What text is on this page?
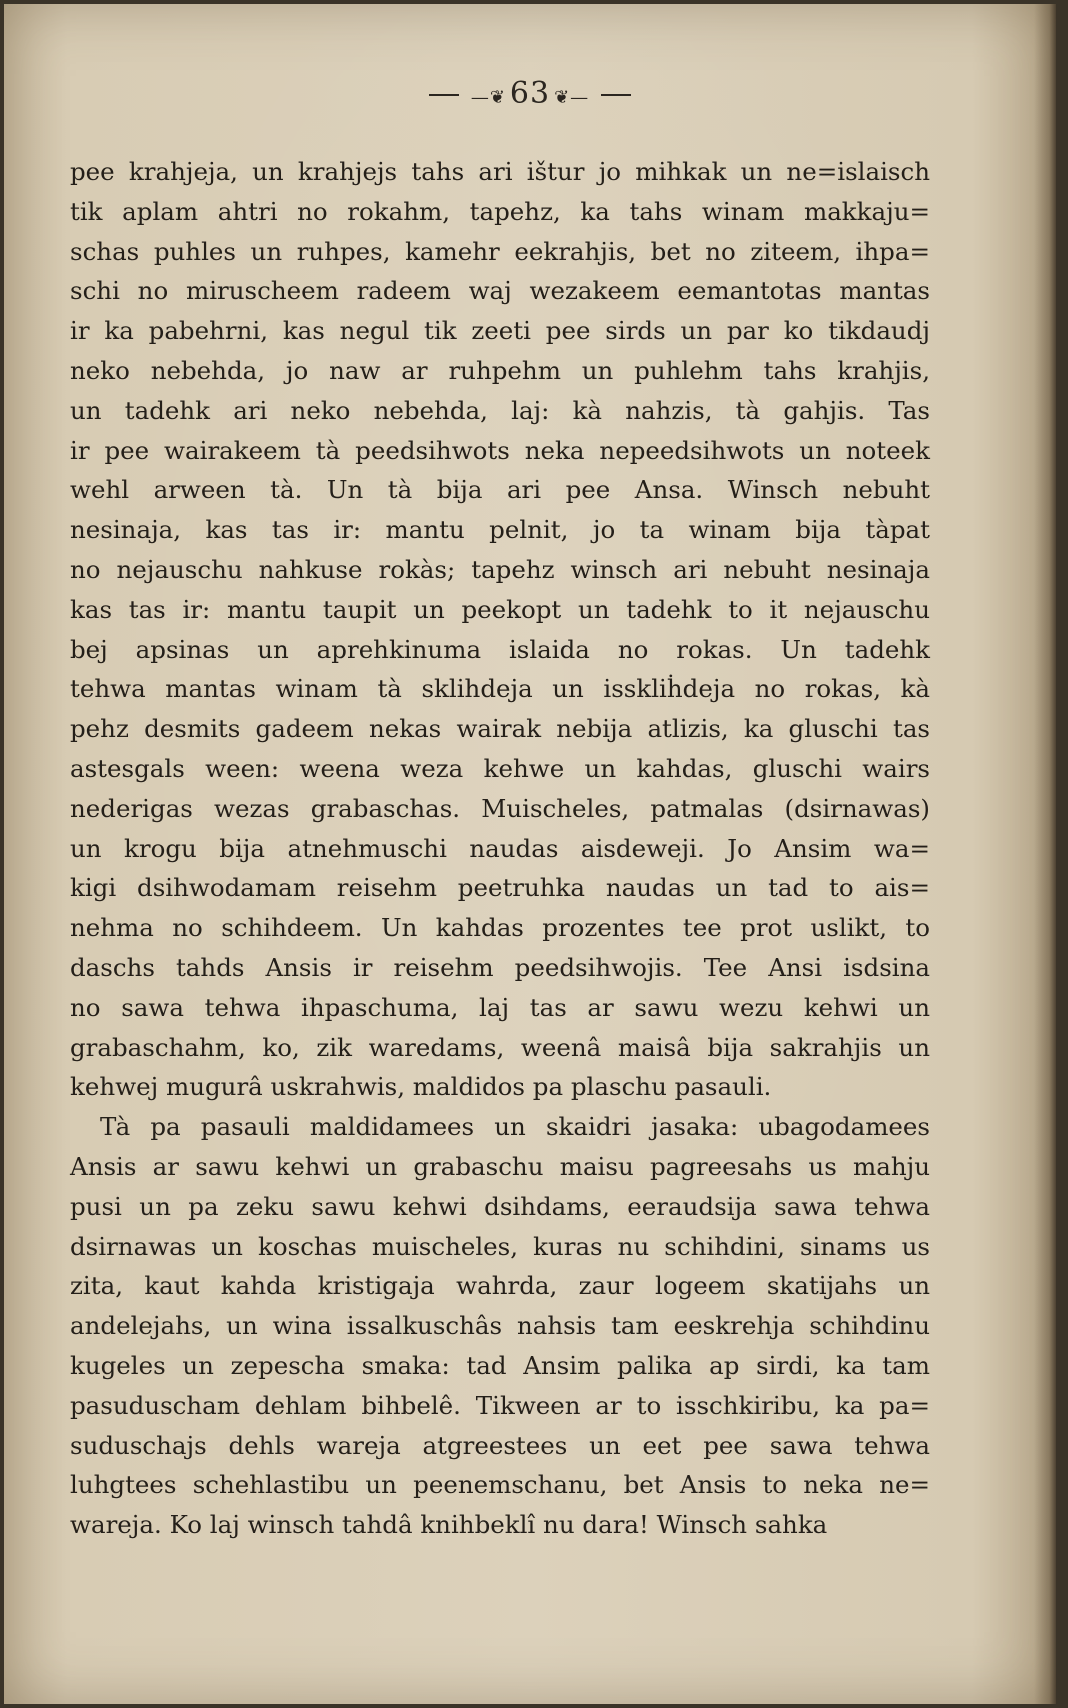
—❦ 63 ❦—
pee krahjeja, un krahjejs tahs ari ištur jo mihkak un ne=islaisch
tik aplam ahtri no rokahm, tapehz, ka tahs winam makkaju=
schas puhles un ruhpes, kamehr eekrahjis, bet no ziteem, ihpa=
schi no miruscheem radeem waj wezakeem eemantotas mantas
ir ka pabehrni, kas negul tik zeeti pee sirds un par ko tikdaudj
neko nebehda, jo naw ar ruhpehm un puhlehm tahs krahjis,
un tadehk ari neko nebehda, laj: kà nahzis, tà gahjis. Tas
ir pee wairakeem tà peedsihwots neka nepeedsihwots un noteek
wehl arween tà. Un tà bija ari pee Ansa. Winsch nebuht
nesinaja, kas tas ir: mantu pelnit, jo ta winam bija tàpat
no nejauschu nahkuse rokàs; tapehz winsch ari nebuht nesinaja
kas tas ir: mantu taupit un peekopt un tadehk to it nejauschu
bej apsinas un aprehkinuma islaida no rokas. Un tadehk
tehwa mantas winam tà sklihdeja un isskliḣdeja no rokas, kà
pehz desmits gadeem nekas wairak nebija atlizis, ka gluschi tas
astesgals ween: weena weza kehwe un kahdas, gluschi wairs
nederigas wezas grabaschas. Muischeles, patmalas (dsirnawas)
un krogu bija atnehmuschi naudas aisdeweji. Jo Ansim wa=
kigi dsihwodamam reisehm peetruhka naudas un tad to ais=
nehma no schihdeem. Un kahdas prozentes tee prot uslikt, to
daschs tahds Ansis ir reisehm peedsihwojis. Tee Ansi isdsina
no sawa tehwa ihpaschuma, laj tas ar sawu wezu kehwi un
grabaschahm, ko, zik waredams, weenâ maisâ bija sakrahjis un
kehwej mugurâ uskrahwis, maldidos pa plaschu pasauli.
Tà pa pasauli maldidamees un skaidri jasaka: ubagodamees
Ansis ar sawu kehwi un grabaschu maisu pagreesahs us mahju
pusi un pa zeku sawu kehwi dsihdams, eeraudsija sawa tehwa
dsirnawas un koschas muischeles, kuras nu schihdini, sinams us
zita, kaut kahda kristigaja wahrda, zaur logeem skatijahs un
andelejahs, un wina issalkuschâs nahsis tam eeskrehja schihdinu
kugeles un zepescha smaka: tad Ansim palika ap sirdi, ka tam
pasuduscham dehlam bihbelê. Tikween ar to isschkiribu, ka pa=
suduschajs dehls wareja atgreestees un eet pee sawa tehwa
luhgtees schehlastibu un peenemschanu, bet Ansis to neka ne=
wareja. Ko laj winsch tahdâ knihbeklî nu dara! Winsch sahka
